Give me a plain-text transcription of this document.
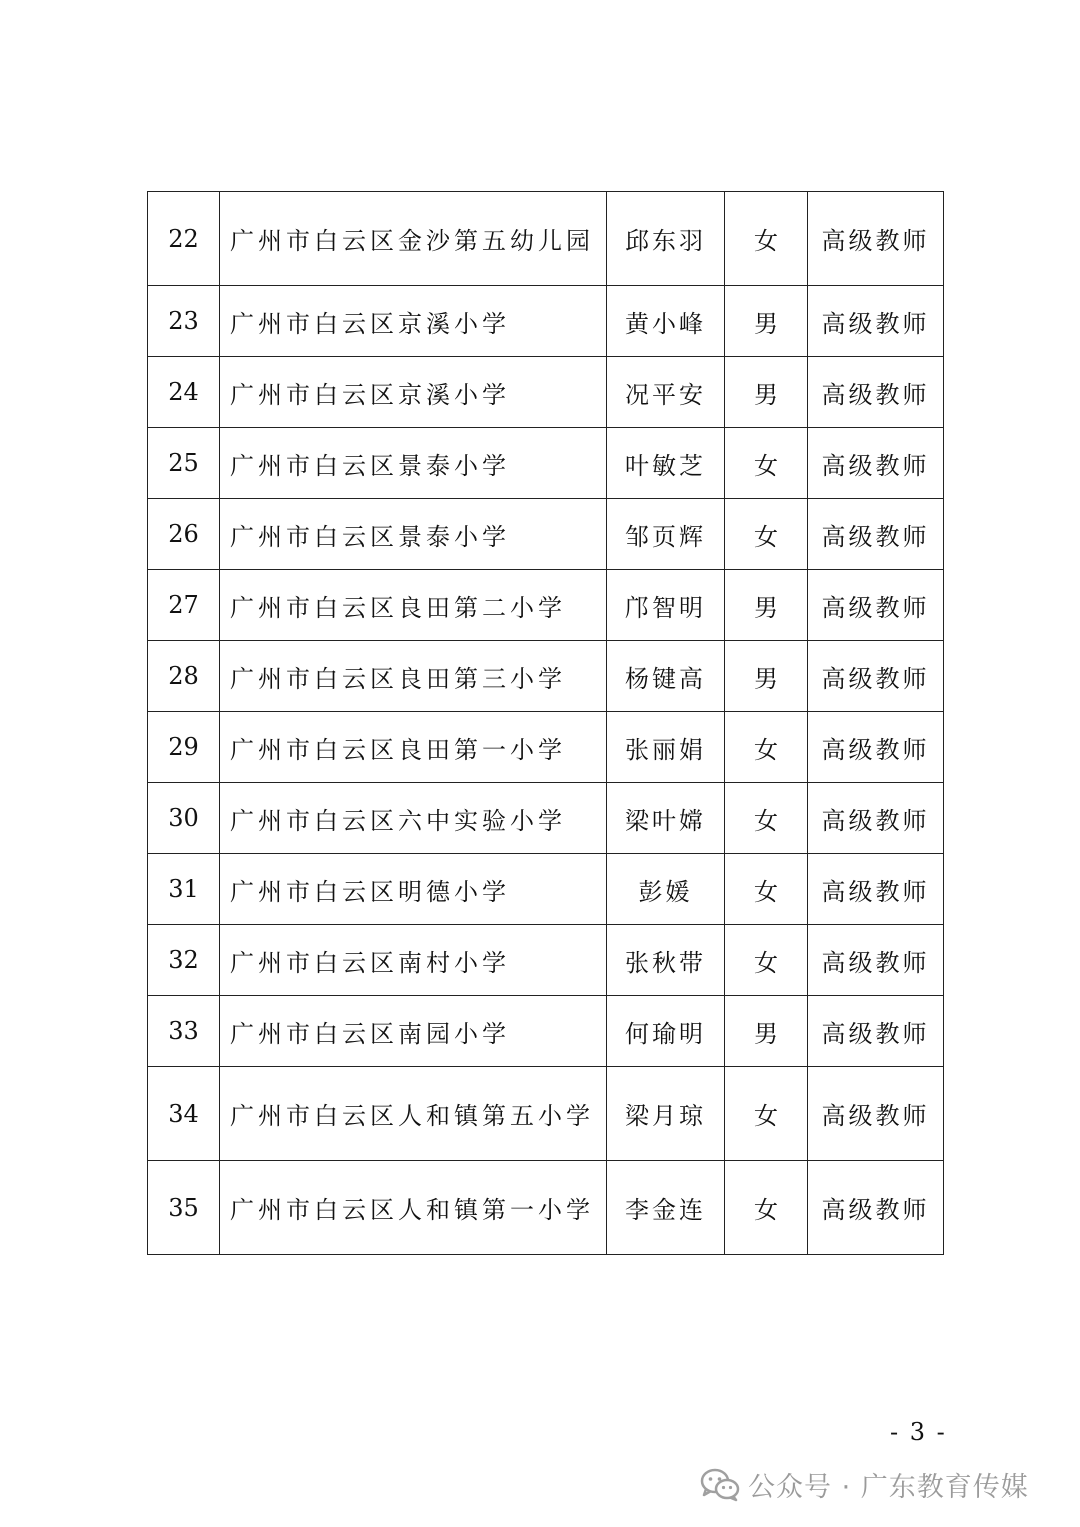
22	广州市白云区金沙第五幼儿园	邱东羽	女	高级教师
23	广州市白云区京溪小学	黄小峰	男	高级教师
24	广州市白云区京溪小学	况平安	男	高级教师
25	广州市白云区景泰小学	叶敏芝	女	高级教师
26	广州市白云区景泰小学	邹页辉	女	高级教师
27	广州市白云区良田第二小学	邝智明	男	高级教师
28	广州市白云区良田第三小学	杨键高	男	高级教师
29	广州市白云区良田第一小学	张丽娟	女	高级教师
30	广州市白云区六中实验小学	梁叶嫦	女	高级教师
31	广州市白云区明德小学	彭媛	女	高级教师
32	广州市白云区南村小学	张秋带	女	高级教师
33	广州市白云区南园小学	何瑜明	男	高级教师
34	广州市白云区人和镇第五小学	梁月琼	女	高级教师
35	广州市白云区人和镇第一小学	李金连	女	高级教师
- 3 -
公众号 · 广东教育传媒
